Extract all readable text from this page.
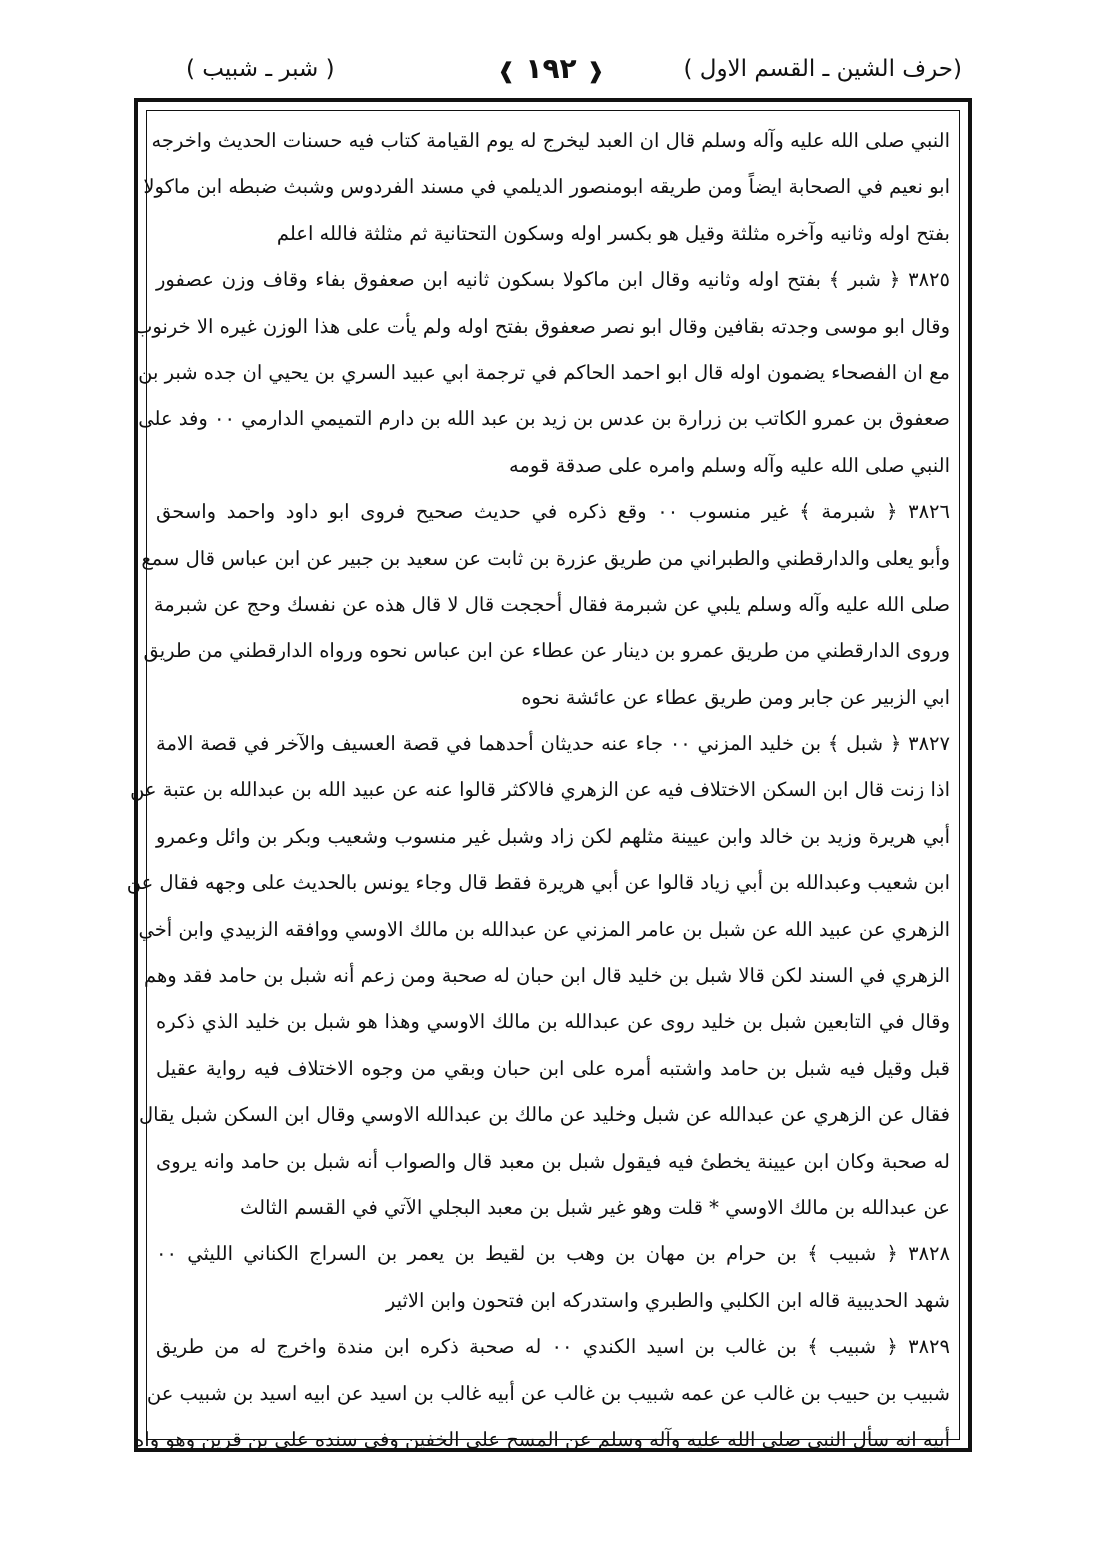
(حرف الشين ـ القسم الاول )
❰ ١٩٢ ❱
( شبر ـ شبيب )
النبي صلى الله عليه وآله وسلم قال ان العبد ليخرج له يوم القيامة كتاب فيه حسنات الحديث واخرجه
ابو نعيم في الصحابة ايضاً ومن طريقه ابومنصور الديلمي في مسند الفردوس وشبث ضبطه ابن ماكولا
بفتح اوله وثانيه وآخره مثلثة وقيل هو بكسر اوله وسكون التحتانية ثم مثلثة فالله اعلم
٣٨٢٥ ﴿ شبر ﴾ بفتح اوله وثانيه وقال ابن ماكولا بسكون ثانيه ابن صعفوق بفاء وقاف وزن عصفور
وقال ابو موسى وجدته بقافين وقال ابو نصر صعفوق بفتح اوله ولم يأت على هذا الوزن غيره الا خرنوب
مع ان الفصحاء يضمون اوله قال ابو احمد الحاكم في ترجمة ابي عبيد السري بن يحيي ان جده شبر بن
صعفوق بن عمرو الكاتب بن زرارة بن عدس بن زيد بن عبد الله بن دارم التميمي الدارمي ٠٠ وفد على
النبي صلى الله عليه وآله وسلم وامره على صدقة قومه
٣٨٢٦ ﴿ شبرمة ﴾ غير منسوب ٠٠ وقع ذكره في حديث صحيح فروى ابو داود واحمد واسحق
وأبو يعلى والدارقطني والطبراني من طريق عزرة بن ثابت عن سعيد بن جبير عن ابن عباس قال سمع
صلى الله عليه وآله وسلم يلبي عن شبرمة فقال أحججت قال لا قال هذه عن نفسك وحج عن شبرمة
وروى الدارقطني من طريق عمرو بن دينار عن عطاء عن ابن عباس نحوه ورواه الدارقطني من طريق
ابي الزبير عن جابر ومن طريق عطاء عن عائشة نحوه
٣٨٢٧ ﴿ شبل ﴾ بن خليد المزني ٠٠ جاء عنه حديثان أحدهما في قصة العسيف والآخر في قصة الامة
اذا زنت قال ابن السكن الاختلاف فيه عن الزهري فالاكثر قالوا عنه عن عبيد الله بن عبدالله بن عتبة عن
أبي هريرة وزيد بن خالد وابن عيينة مثلهم لكن زاد وشبل غير منسوب وشعيب وبكر بن وائل وعمرو
ابن شعيب وعبدالله بن أبي زياد قالوا عن أبي هريرة فقط قال وجاء يونس بالحديث على وجهه فقال عن
الزهري عن عبيد الله عن شبل بن عامر المزني عن عبدالله بن مالك الاوسي ووافقه الزبيدي وابن أخي
الزهري في السند لكن قالا شبل بن خليد قال ابن حبان له صحبة ومن زعم أنه شبل بن حامد فقد وهم
وقال في التابعين شبل بن خليد روى عن عبدالله بن مالك الاوسي وهذا هو شبل بن خليد الذي ذكره
قبل وقيل فيه شبل بن حامد واشتبه أمره على ابن حبان وبقي من وجوه الاختلاف فيه رواية عقيل
فقال عن الزهري عن عبدالله عن شبل وخليد عن مالك بن عبدالله الاوسي وقال ابن السكن شبل يقال
له صحبة وكان ابن عيينة يخطئ فيه فيقول شبل بن معبد قال والصواب أنه شبل بن حامد وانه يروى
عن عبدالله بن مالك الاوسي * قلت وهو غير شبل بن معبد البجلي الآتي في القسم الثالث
٣٨٢٨ ﴿ شبيب ﴾ بن حرام بن مهان بن وهب بن لقيط بن يعمر بن السراج الكناني الليثي ٠٠
شهد الحديبية قاله ابن الكلبي والطبري واستدركه ابن فتحون وابن الاثير
٣٨٢٩ ﴿ شبيب ﴾ بن غالب بن اسيد الكندي ٠٠ له صحبة ذكره ابن مندة واخرج له من طريق
شبيب بن حبيب بن غالب عن عمه شبيب بن غالب عن أبيه غالب بن اسيد عن ابيه اسيد بن شبيب عن
أبيه انه سأل النبي صلى الله عليه وآله وسلم عن المسح على الخفين وفي سنده علي بن قرين وهو واه
